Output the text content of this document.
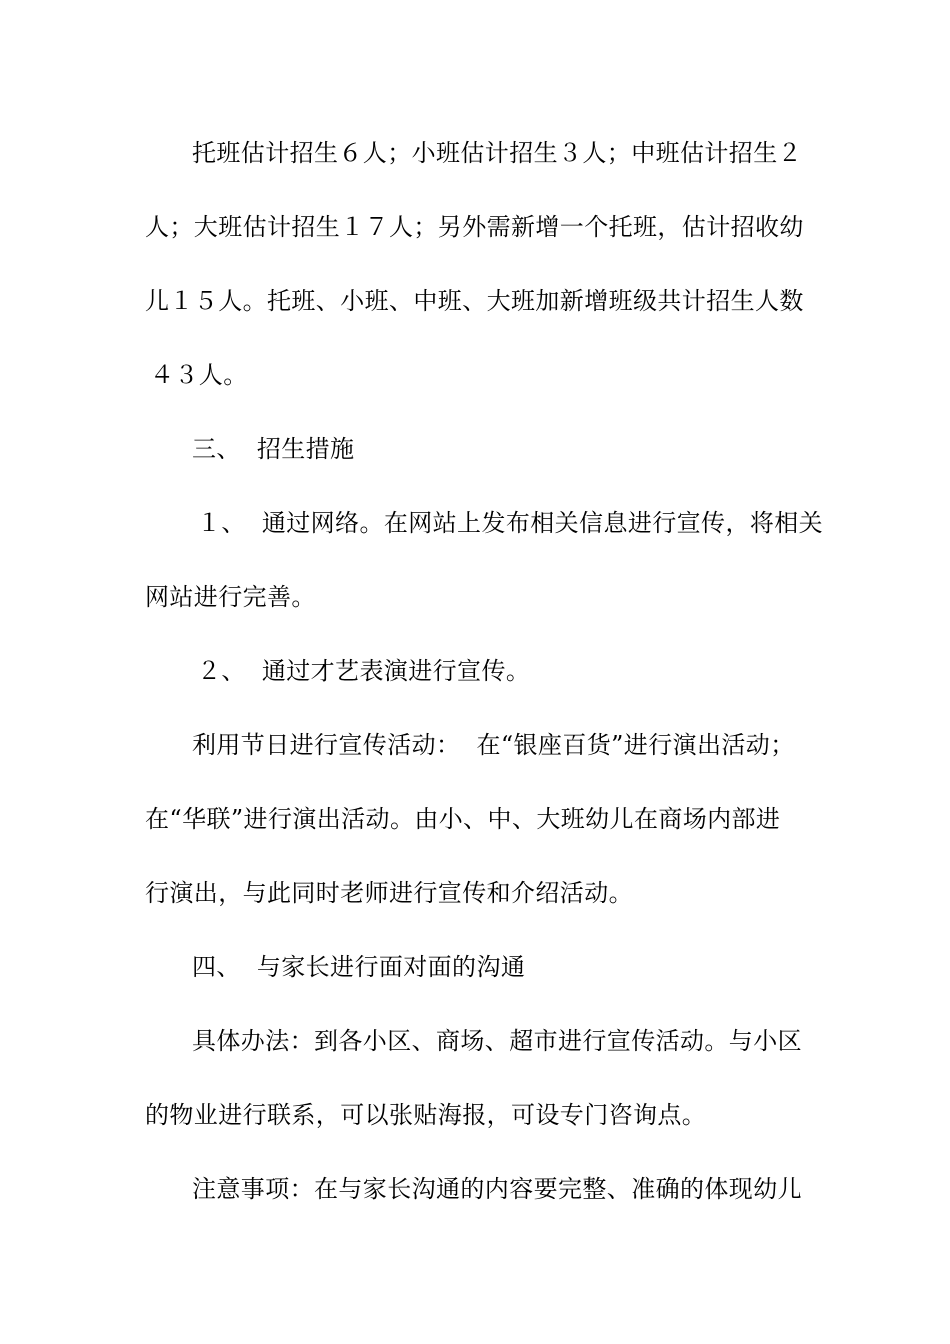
托班估计招生６人；小班估计招生３人；中班估计招生２
人；大班估计招生１７人；另外需新增一个托班，估计招收幼
儿１５人。托班、小班、中班、大班加新增班级共计招生人数
４３人。
三、  招生措施
１、  通过网络。在网站上发布相关信息进行宣传，将相关
网站进行完善。
２、  通过才艺表演进行宣传。
利用节日进行宣传活动：  在“银座百货”进行演出活动；
在“华联”进行演出活动。由小、中、大班幼儿在商场内部进
行演出，与此同时老师进行宣传和介绍活动。
四、  与家长进行面对面的沟通
具体办法：到各小区、商场、超市进行宣传活动。与小区
的物业进行联系，可以张贴海报，可设专门咨询点。
注意事项：在与家长沟通的内容要完整、准确的体现幼儿
